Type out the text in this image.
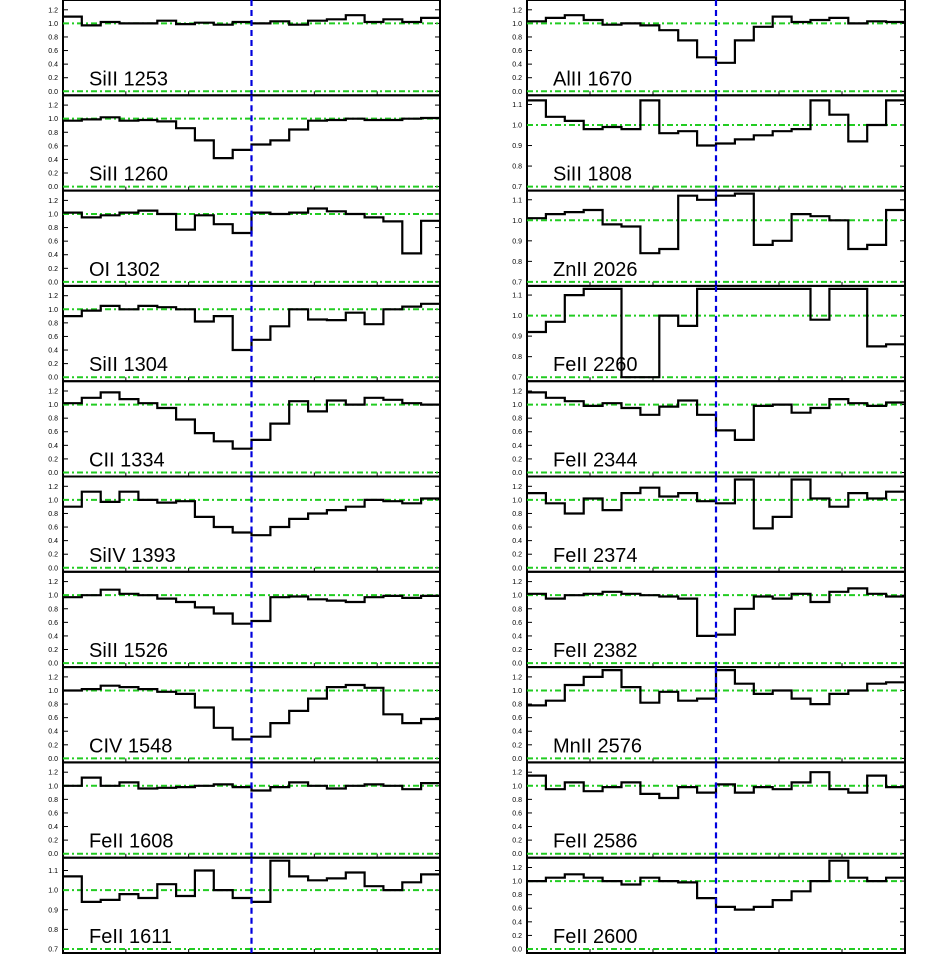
1.2
1.0
0.8
0.6
0.4
0.2
0.0
SiII 1253
1.2
1.0
0.8
0.6
0.4
0.2
0.0
SiII 1260
1.2
1.0
0.8
0.6
0.4
0.2
0.0
OI 1302
1.2
1.0
0.8
0.6
0.4
0.2
0.0
SiII 1304
1.2
1.0
0.8
0.6
0.4
0.2
0.0
CII 1334
1.2
1.0
0.8
0.6
0.4
0.2
0.0
SiIV 1393
1.2
1.0
0.8
0.6
0.4
0.2
0.0
SiII 1526
1.2
1.0
0.8
0.6
0.4
0.2
0.0
CIV 1548
1.2
1.0
0.8
0.6
0.4
0.2
0.0
FeII 1608
1.1
1.0
0.9
0.8
0.7
FeII 1611
1.2
1.0
0.8
0.6
0.4
0.2
0.0
AlII 1670
1.1
1.0
0.9
0.8
0.7
SiII 1808
1.1
1.0
0.9
0.8
0.7
ZnII 2026
1.1
1.0
0.9
0.8
0.7
FeII 2260
1.2
1.0
0.8
0.6
0.4
0.2
0.0
FeII 2344
1.2
1.0
0.8
0.6
0.4
0.2
0.0
FeII 2374
1.2
1.0
0.8
0.6
0.4
0.2
0.0
FeII 2382
1.2
1.0
0.8
0.6
0.4
0.2
0.0
MnII 2576
1.2
1.0
0.8
0.6
0.4
0.2
0.0
FeII 2586
1.2
1.0
0.8
0.6
0.4
0.2
0.0
FeII 2600
